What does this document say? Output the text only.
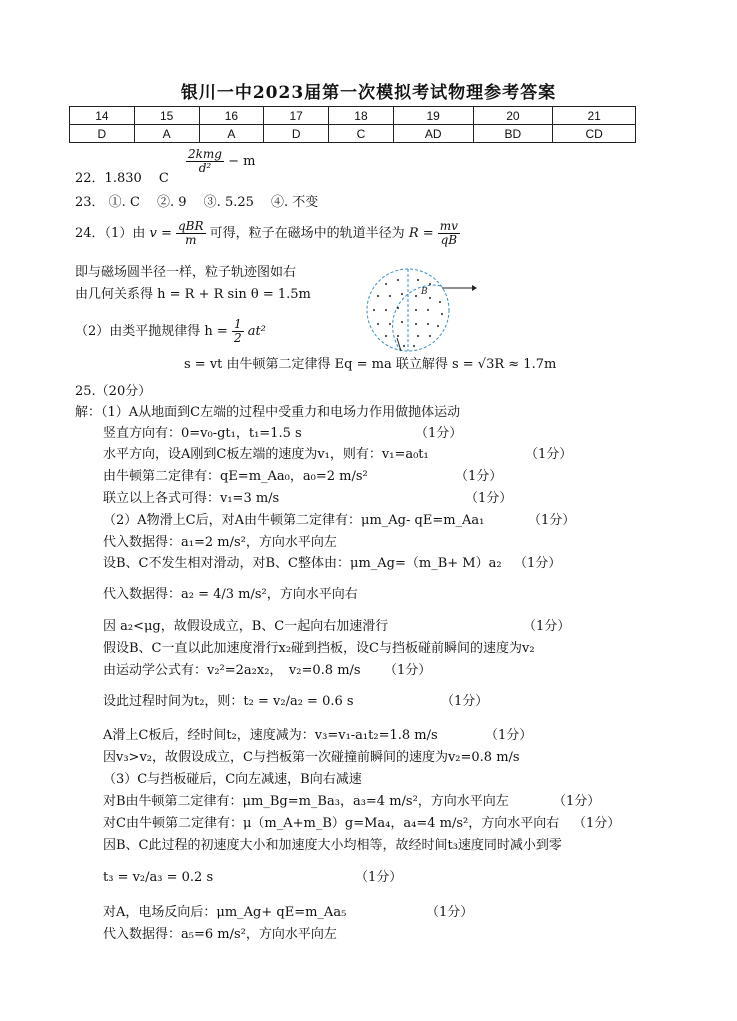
银川一中2023届第一次模拟考试物理参考答案
14	15	16	17	18	19	20	21
D	A	A	D	C	AD	BD	CD
22．1.830　 C
$\frac{\text{2kmg}}{\text{d²}} - m$
23． ①. C　 ②. 9　 ③. 5.25　 ④. 不变
24．（1）由 $v = \frac{\text{qBR}}{m}$ 可得，粒子在磁场中的轨道半径为 $R = \frac{mv}{qB}$
即与磁场圆半径一样，粒子轨迹图如右
由几何关系得 h = R + R sin θ = 1.5m
（2）由类平抛规律得 $h = \frac{1}{2} at^2$
s = vt 由牛顿第二定律得 Eq = ma 联立解得 s = √3R ≈ 1.7m
B
25.（20分）
解：（1）A从地面到C左端的过程中受重力和电场力作用做抛体运动
竖直方向有：0=v₀-gt₁，t₁=1.5 s	（1分）
水平方向，设A刚到C板左端的速度为v₁，则有：v₁=a₀t₁	（1分）
由牛顿第二定律有：qE=m_Aa₀，a₀=2 m/s²	（1分）
联立以上各式可得：v₁=3 m/s	（1分）
（2）A物滑上C后，对A由牛顿第二定律有：μm_Ag- qE=m_Aa₁	（1分）
代入数据得：a₁=2 m/s²，方向水平向左
设B、C不发生相对滑动，对B、C整体由：μm_Ag=（m_B+ M）a₂ （1分）
代入数据得：a₂ = 4/3 m/s²，方向水平向右
因 a₂<μg，故假设成立，B、C一起向右加速滑行	（1分）
假设B、C一直以此加速度滑行x₂碰到挡板，设C与挡板碰前瞬间的速度为v₂
由运动学公式有：v₂²=2a₂x₂，　v₂=0.8 m/s （1分）
设此过程时间为t₂，则：t₂ = v₂/a₂ = 0.6 s	（1分）
A滑上C板后，经时间t₂，速度减为：v₃=v₁-a₁t₂=1.8 m/s	（1分）
因v₃>v₂，故假设成立，C与挡板第一次碰撞前瞬间的速度为v₂=0.8 m/s
（3）C与挡板碰后，C向左减速，B向右减速
对B由牛顿第二定律有：μm_Bg=m_Ba₃，a₃=4 m/s²，方向水平向左	（1分）
对C由牛顿第二定律有：μ（m_A+m_B）g=Ma₄，a₄=4 m/s²，方向水平向右 （1分）
因B、C此过程的初速度大小和加速度大小均相等，故经时间t₃速度同时减小到零
t₃ = v₂/a₃ = 0.2 s	（1分）
对A，电场反向后：μm_Ag+ qE=m_Aa₅	（1分）
代入数据得：a₅=6 m/s²，方向水平向左
